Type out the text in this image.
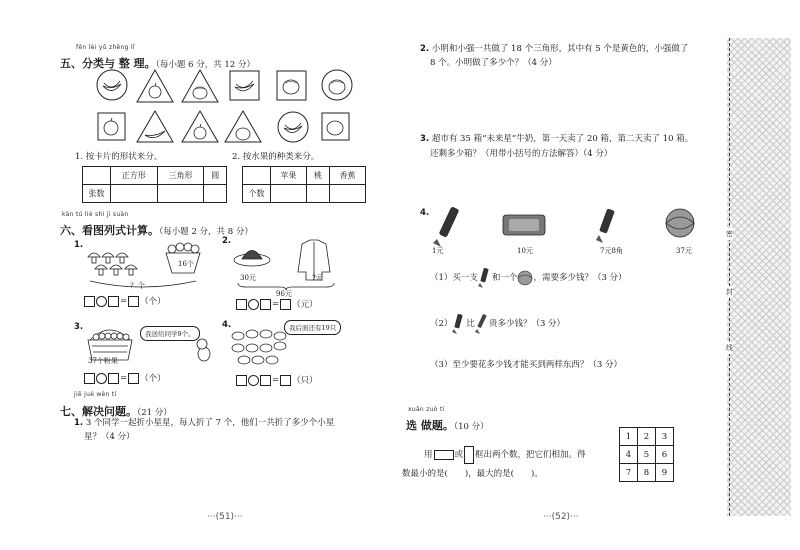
fēn lèi yǔ zhěng lǐ
五、分类与 整 理。（每小题 6 分，共 12 分）
1. 按卡片的形状来分。	2. 按水果的种类来分。
	正方形	三角形	圆
张数			
	苹果	桃	香蕉
个数			
kàn tú liè shì jì suàn
六、看图列式计算。（每小题 2 分，共 8 分）
1.
16个
？个
= （个）
2.
30元	?元
96元
= （元）
3.
我送给同学9个。
37个粉果
= （个）
4.	我后面还有19只
= （只）
jiě jué wèn tí
七、解决问题。（21 分）
1. 3 个同学一起折小星星，每人折了 7 个，他们一共折了多少个小星
星？（4 分）
···(51)···
2. 小明和小强一共做了 18 个三角形，其中有 5 个是黄色的，小强做了
8 个。小明做了多少个？（4 分）
3. 超市有 35 箱“未来星”牛奶，第一天卖了 20 箱，第二天卖了 10 箱。
还剩多少箱？（用带小括号的方法解答）（4 分）
4.
1元	10元	7元8角	37元
（1）买一支 和一个 ，需要多少钱？（3 分）
（2） 比 贵多少钱？（3 分）
（3）至少要花多少钱才能买到两样东西？（3 分）
xuǎn zuò tí
选 做题。（10 分）
用	或 框出两个数，把它们相加。得
数最小的是(　　)，最大的是(　　)。
1	2	3
4	5	6
7	8	9
···(52)···
密
封
线
